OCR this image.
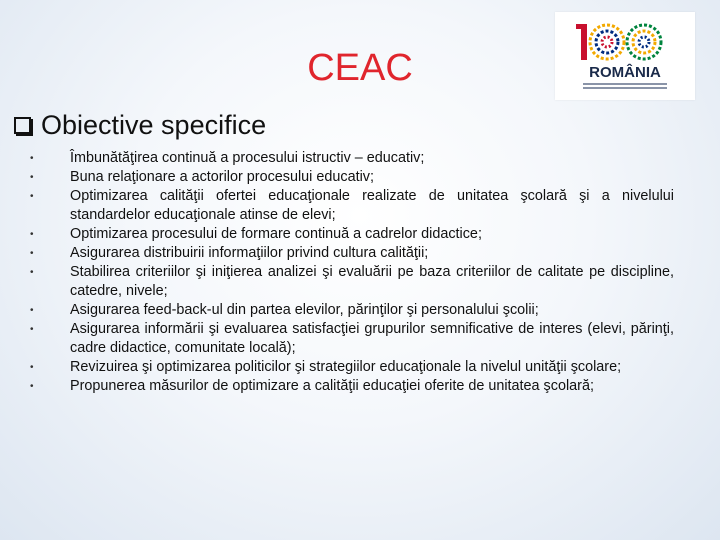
CEAC	ROMÂNIA
Obiective specifice
•	Îmbunătăţirea continuă a procesului istructiv – educativ;
•	Buna relaţionare a actorilor procesului educativ;
•	Optimizarea calităţii ofertei educaţionale realizate de unitatea şcolară şi a nivelului standardelor educaţionale atinse de elevi;
•	Optimizarea procesului de formare continuă a cadrelor didactice;
•	Asigurarea distribuirii informaţiilor privind cultura calităţii;
•	Stabilirea criteriilor şi iniţierea analizei şi evaluării pe baza criteriilor de calitate pe discipline, catedre, nivele;
•	Asigurarea feed-back-ul din partea elevilor, părinţilor şi personalului şcolii;
•	Asigurarea informării şi evaluarea satisfacţiei grupurilor semnificative de interes (elevi, părinţi, cadre didactice, comunitate locală);
•	Revizuirea şi optimizarea politicilor şi strategiilor educaţionale la nivelul unităţii şcolare;
•	Propunerea măsurilor de optimizare a calităţii educaţiei oferite de unitatea şcolară;
